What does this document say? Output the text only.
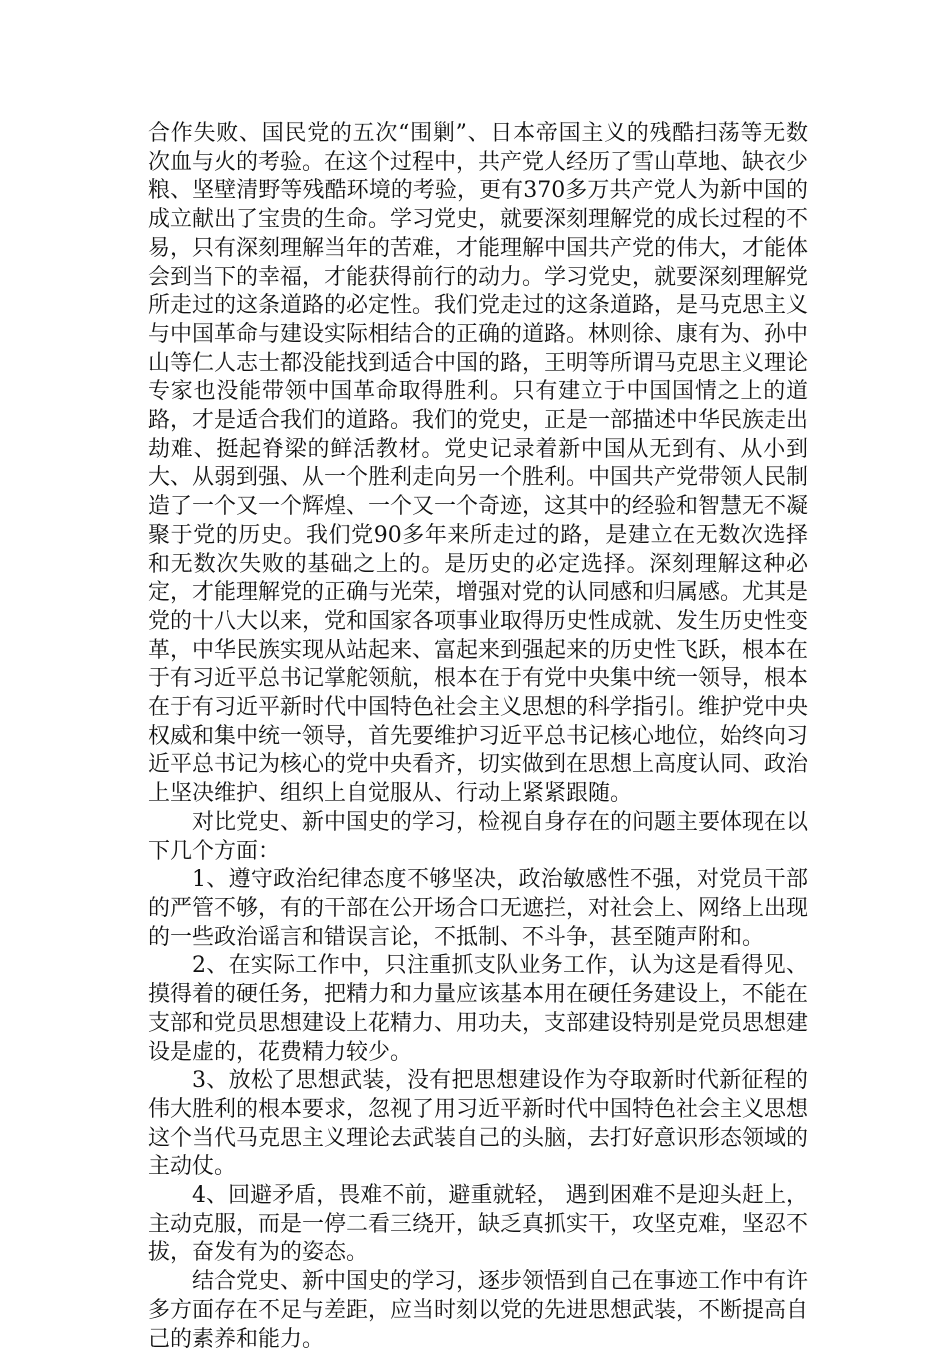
合作失败、国民党的五次“围剿”、日本帝国主义的残酷扫荡等无数次血与火的考验。在这个过程中，共产党人经历了雪山草地、缺衣少粮、坚壁清野等残酷环境的考验，更有370多万共产党人为新中国的成立献出了宝贵的生命。学习党史，就要深刻理解党的成长过程的不易，只有深刻理解当年的苦难，才能理解中国共产党的伟大，才能体会到当下的幸福，才能获得前行的动力。学习党史，就要深刻理解党所走过的这条道路的必定性。我们党走过的这条道路，是马克思主义与中国革命与建设实际相结合的正确的道路。林则徐、康有为、孙中山等仁人志士都没能找到适合中国的路，王明等所谓马克思主义理论专家也没能带领中国革命取得胜利。只有建立于中国国情之上的道路，才是适合我们的道路。我们的党史，正是一部描述中华民族走出劫难、挺起脊梁的鲜活教材。党史记录着新中国从无到有、从小到大、从弱到强、从一个胜利走向另一个胜利。中国共产党带领人民制造了一个又一个辉煌、一个又一个奇迹，这其中的经验和智慧无不凝聚于党的历史。我们党90多年来所走过的路，是建立在无数次选择和无数次失败的基础之上的。是历史的必定选择。深刻理解这种必定，才能理解党的正确与光荣，增强对党的认同感和归属感。尤其是党的十八大以来，党和国家各项事业取得历史性成就、发生历史性变革，中华民族实现从站起来、富起来到强起来的历史性飞跃，根本在于有习近平总书记掌舵领航，根本在于有党中央集中统一领导，根本在于有习近平新时代中国特色社会主义思想的科学指引。维护党中央权威和集中统一领导，首先要维护习近平总书记核心地位，始终向习近平总书记为核心的党中央看齐，切实做到在思想上高度认同、政治上坚决维护、组织上自觉服从、行动上紧紧跟随。

对比党史、新中国史的学习，检视自身存在的问题主要体现在以下几个方面：

1、遵守政治纪律态度不够坚决，政治敏感性不强，对党员干部的严管不够，有的干部在公开场合口无遮拦，对社会上、网络上出现的一些政治谣言和错误言论，不抵制、不斗争，甚至随声附和。

2、在实际工作中，只注重抓支队业务工作，认为这是看得见、摸得着的硬任务，把精力和力量应该基本用在硬任务建设上，不能在支部和党员思想建设上花精力、用功夫，支部建设特别是党员思想建设是虚的，花费精力较少。

3、放松了思想武装，没有把思想建设作为夺取新时代新征程的伟大胜利的根本要求，忽视了用习近平新时代中国特色社会主义思想这个当代马克思主义理论去武装自己的头脑，去打好意识形态领域的主动仗。

4、回避矛盾，畏难不前，避重就轻， 遇到困难不是迎头赶上，主动克服，而是一停二看三绕开，缺乏真抓实干，攻坚克难，坚忍不拔，奋发有为的姿态。

结合党史、新中国史的学习，逐步领悟到自己在事迹工作中有许多方面存在不足与差距，应当时刻以党的先进思想武装，不断提高自己的素养和能力。
